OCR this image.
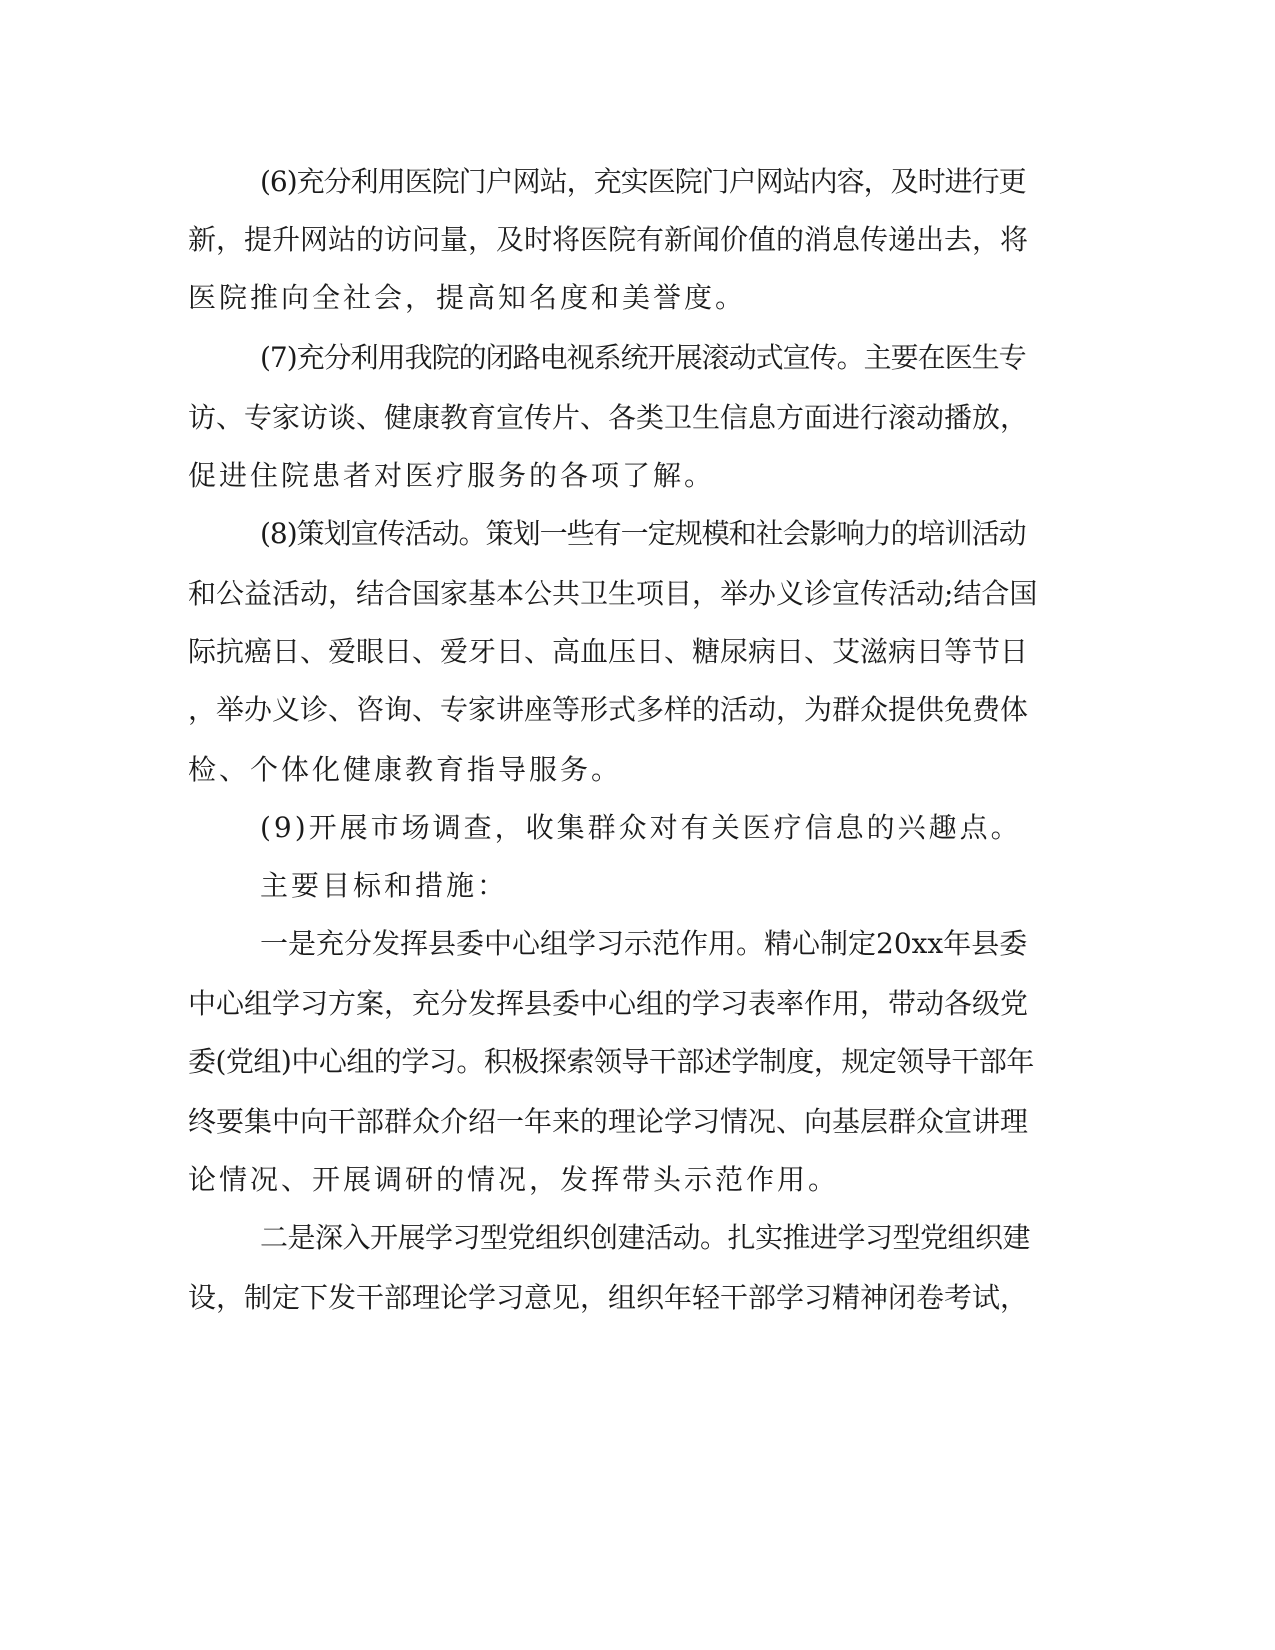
(6)充分利用医院门户网站，充实医院门户网站内容，及时进行更

新，提升网站的访问量，及时将医院有新闻价值的消息传递出去，将

医院推向全社会，提高知名度和美誉度。

(7)充分利用我院的闭路电视系统开展滚动式宣传。主要在医生专

访、专家访谈、健康教育宣传片、各类卫生信息方面进行滚动播放，

促进住院患者对医疗服务的各项了解。

(8)策划宣传活动。策划一些有一定规模和社会影响力的培训活动

和公益活动，结合国家基本公共卫生项目，举办义诊宣传活动;结合国

际抗癌日、爱眼日、爱牙日、高血压日、糖尿病日、艾滋病日等节日

，举办义诊、咨询、专家讲座等形式多样的活动，为群众提供免费体

检、个体化健康教育指导服务。

(9)开展市场调查，收集群众对有关医疗信息的兴趣点。

主要目标和措施：

一是充分发挥县委中心组学习示范作用。精心制定20xx年县委

中心组学习方案，充分发挥县委中心组的学习表率作用，带动各级党

委(党组)中心组的学习。积极探索领导干部述学制度，规定领导干部年

终要集中向干部群众介绍一年来的理论学习情况、向基层群众宣讲理

论情况、开展调研的情况，发挥带头示范作用。

二是深入开展学习型党组织创建活动。扎实推进学习型党组织建

设，制定下发干部理论学习意见，组织年轻干部学习精神闭卷考试，
